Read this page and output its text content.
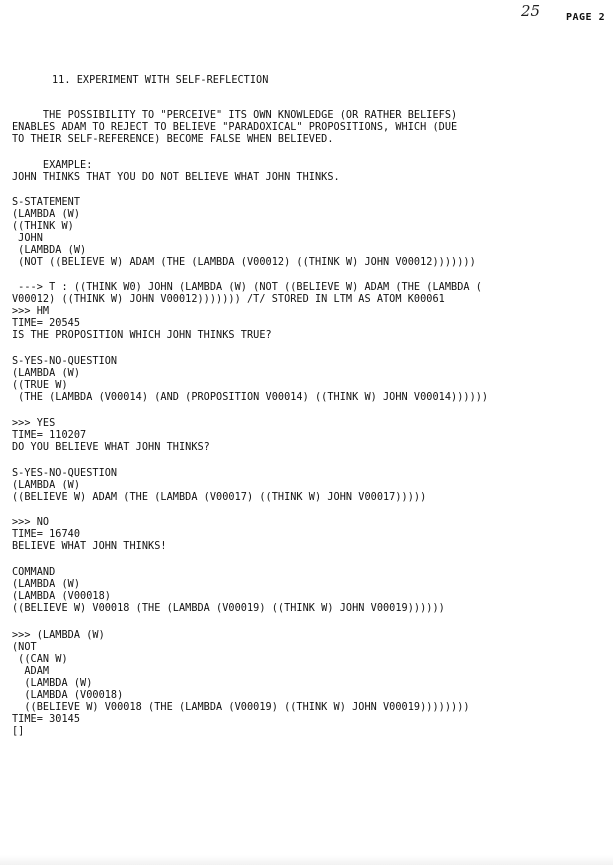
25	PAGE 2
11. EXPERIMENT WITH SELF-REFLECTION
THE POSSIBILITY TO "PERCEIVE" ITS OWN KNOWLEDGE (OR RATHER BELIEFS)
ENABLES ADAM TO REJECT TO BELIEVE "PARADOXICAL" PROPOSITIONS, WHICH (DUE
TO THEIR SELF-REFERENCE) BECOME FALSE WHEN BELIEVED.
EXAMPLE:
JOHN THINKS THAT YOU DO NOT BELIEVE WHAT JOHN THINKS.
S-STATEMENT
(LAMBDA (W)
((THINK W)
JOHN
(LAMBDA (W)
(NOT ((BELIEVE W) ADAM (THE (LAMBDA (V00012) ((THINK W) JOHN V00012)))))))
---> T : ((THINK W0) JOHN (LAMBDA (W) (NOT ((BELIEVE W) ADAM (THE (LAMBDA (
V00012) ((THINK W) JOHN V00012))))))) /T/ STORED IN LTM AS ATOM K00061
>>> HM
TIME= 20545
IS THE PROPOSITION WHICH JOHN THINKS TRUE?
S-YES-NO-QUESTION
(LAMBDA (W)
((TRUE W)
(THE (LAMBDA (V00014) (AND (PROPOSITION V00014) ((THINK W) JOHN V00014))))))
>>> YES
TIME= 110207
DO YOU BELIEVE WHAT JOHN THINKS?
S-YES-NO-QUESTION
(LAMBDA (W)
((BELIEVE W) ADAM (THE (LAMBDA (V00017) ((THINK W) JOHN V00017)))))
>>> NO
TIME= 16740
BELIEVE WHAT JOHN THINKS!
COMMAND
(LAMBDA (W)
(LAMBDA (V00018)
((BELIEVE W) V00018 (THE (LAMBDA (V00019) ((THINK W) JOHN V00019))))))
>>> (LAMBDA (W)
(NOT
((CAN W)
ADAM
(LAMBDA (W)
(LAMBDA (V00018)
((BELIEVE W) V00018 (THE (LAMBDA (V00019) ((THINK W) JOHN V00019))))))))
TIME= 30145
[]
